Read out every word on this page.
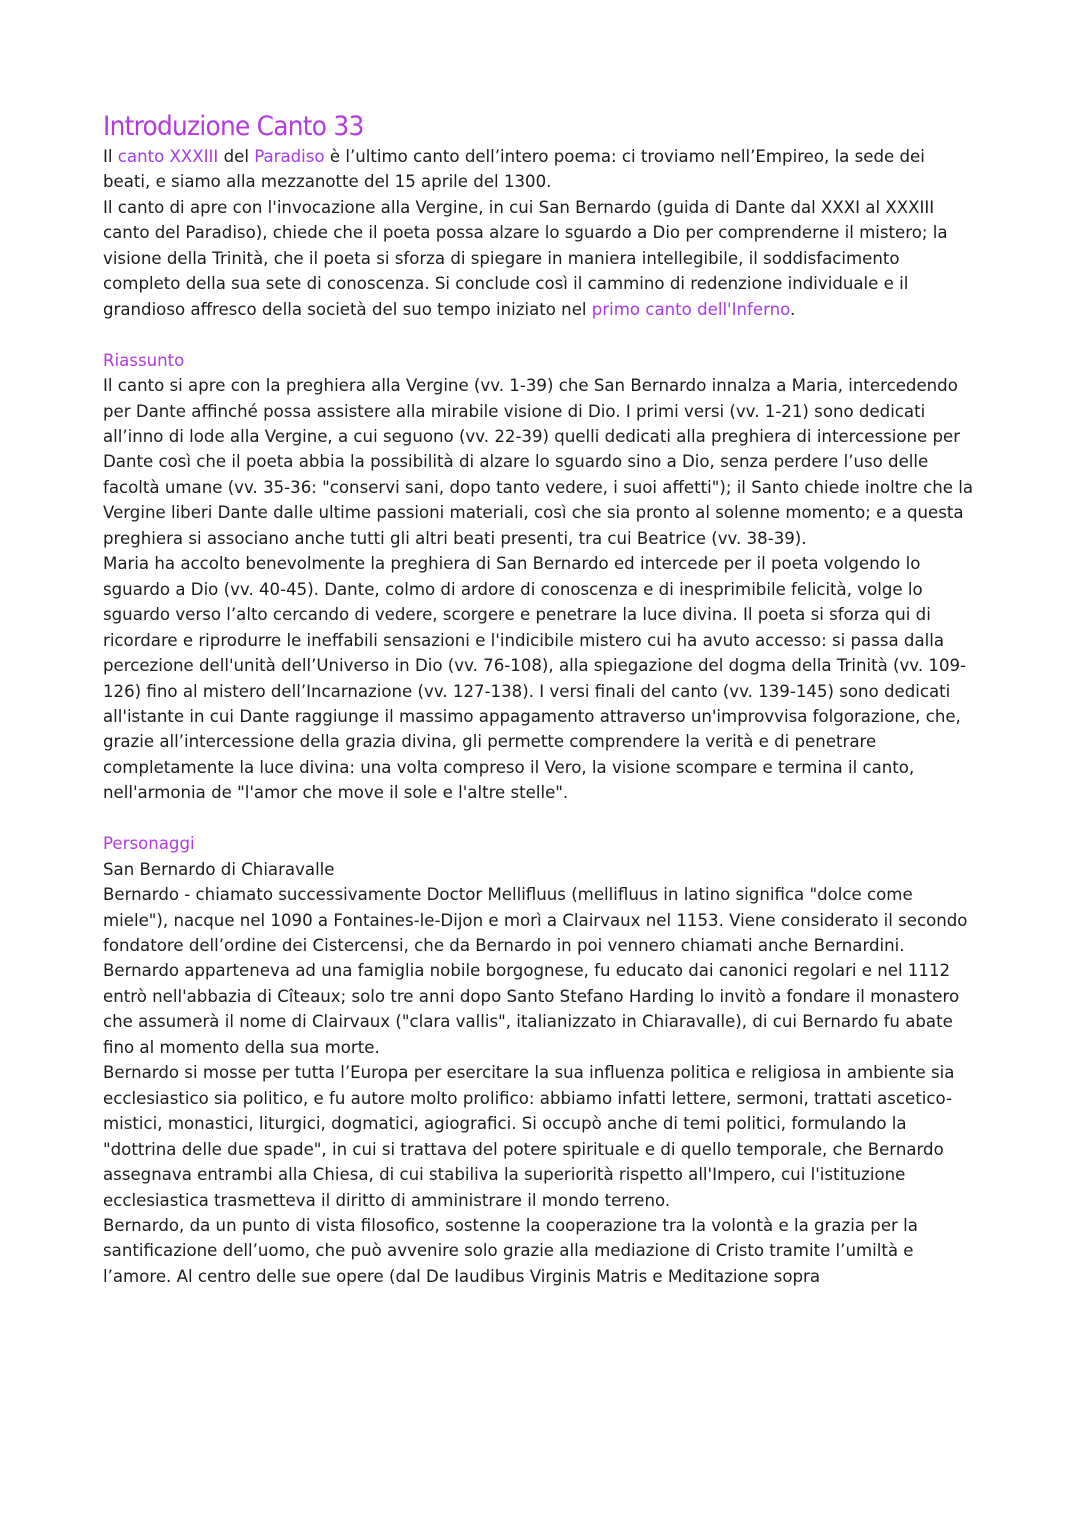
Introduzione Canto 33

Il canto XXXIII del Paradiso è l’ultimo canto dell’intero poema: ci troviamo nell’Empireo, la sede dei beati, e siamo alla mezzanotte del 15 aprile del 1300.

Il canto di apre con l'invocazione alla Vergine, in cui San Bernardo (guida di Dante dal XXXI al XXXIII canto del Paradiso), chiede che il poeta possa alzare lo sguardo a Dio per comprenderne il mistero; la visione della Trinità, che il poeta si sforza di spiegare in maniera intellegibile, il soddisfacimento completo della sua sete di conoscenza. Si conclude così il cammino di redenzione individuale e il grandioso affresco della società del suo tempo iniziato nel primo canto dell'Inferno.

Riassunto

Il canto si apre con la preghiera alla Vergine (vv. 1-39) che San Bernardo innalza a Maria, intercedendo per Dante affinché possa assistere alla mirabile visione di Dio. I primi versi (vv. 1-21) sono dedicati all’inno di lode alla Vergine, a cui seguono (vv. 22-39) quelli dedicati alla preghiera di intercessione per Dante così che il poeta abbia la possibilità di alzare lo sguardo sino a Dio, senza perdere l’uso delle facoltà umane (vv. 35-36: "conservi sani, dopo tanto vedere, i suoi affetti"); il Santo chiede inoltre che la Vergine liberi Dante dalle ultime passioni materiali, così che sia pronto al solenne momento; e a questa preghiera si associano anche tutti gli altri beati presenti, tra cui Beatrice (vv. 38-39).

Maria ha accolto benevolmente la preghiera di San Bernardo ed intercede per il poeta volgendo lo sguardo a Dio (vv. 40-45). Dante, colmo di ardore di conoscenza e di inesprimibile felicità, volge lo sguardo verso l’alto cercando di vedere, scorgere e penetrare la luce divina. Il poeta si sforza qui di ricordare e riprodurre le ineffabili sensazioni e l'indicibile mistero cui ha avuto accesso: si passa dalla percezione dell'unità dell’Universo in Dio (vv. 76-108), alla spiegazione del dogma della Trinità (vv. 109-126) fino al mistero dell’Incarnazione (vv. 127-138). I versi finali del canto (vv. 139-145) sono dedicati all'istante in cui Dante raggiunge il massimo appagamento attraverso un'improvvisa folgorazione, che, grazie all’intercessione della grazia divina, gli permette comprendere la verità e di penetrare completamente la luce divina: una volta compreso il Vero, la visione scompare e termina il canto, nell'armonia de "l'amor che move il sole e l'altre stelle".

Personaggi

San Bernardo di Chiaravalle

Bernardo - chiamato successivamente Doctor Mellifluus (mellifluus in latino significa "dolce come miele"), nacque nel 1090 a Fontaines-le-Dijon e morì a Clairvaux nel 1153. Viene considerato il secondo fondatore dell’ordine dei Cistercensi, che da Bernardo in poi vennero chiamati anche Bernardini. Bernardo apparteneva ad una famiglia nobile borgognese, fu educato dai canonici regolari e nel 1112 entrò nell'abbazia di Cîteaux; solo tre anni dopo Santo Stefano Harding lo invitò a fondare il monastero che assumerà il nome di Clairvaux ("clara vallis", italianizzato in Chiaravalle), di cui Bernardo fu abate fino al momento della sua morte.

Bernardo si mosse per tutta l’Europa per esercitare la sua influenza politica e religiosa in ambiente sia ecclesiastico sia politico, e fu autore molto prolifico: abbiamo infatti lettere, sermoni, trattati ascetico-mistici, monastici, liturgici, dogmatici, agiografici. Si occupò anche di temi politici, formulando la "dottrina delle due spade", in cui si trattava del potere spirituale e di quello temporale, che Bernardo assegnava entrambi alla Chiesa, di cui stabiliva la superiorità rispetto all'Impero, cui l'istituzione ecclesiastica trasmetteva il diritto di amministrare il mondo terreno.

Bernardo, da un punto di vista filosofico, sostenne la cooperazione tra la volontà e la grazia per la santificazione dell’uomo, che può avvenire solo grazie alla mediazione di Cristo tramite l’umiltà e l’amore. Al centro delle sue opere (dal De laudibus Virginis Matris e Meditazione sopra
